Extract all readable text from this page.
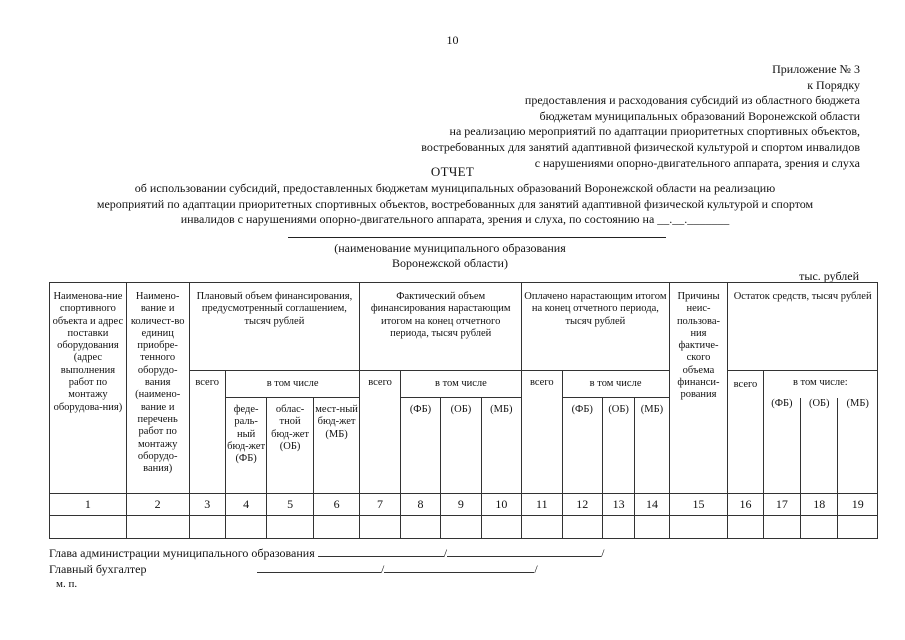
10
Приложение № 3
к Порядку
предоставления и расходования субсидий из областного бюджета
бюджетам муниципальных образований Воронежской области
на реализацию мероприятий по адаптации приоритетных спортивных объектов,
востребованных для занятий адаптивной физической культурой и спортом инвалидов
с нарушениями опорно-двигательного аппарата, зрения и слуха
ОТЧЕТ
об использовании субсидий, предоставленных бюджетам муниципальных образований Воронежской области на реализацию
мероприятий по адаптации приоритетных спортивных объектов, востребованных для занятий адаптивной физической культурой и спортом
инвалидов с нарушениями опорно-двигательного аппарата, зрения и слуха, по состоянию на __.__._______
(наименование муниципального образования
Воронежской области)
тыс. рублей
Наименова-ние спортивного объекта и адрес поставки оборудования (адрес выполнения работ по монтажу оборудова-ния)	Наимено-вание и количест-во единиц приобре-тенного оборудо-вания (наимено-вание и перечень работ по монтажу оборудо-вания)	Плановый объем финансирования, предусмотренный соглашением, тысяч рублей				Фактический объем финансирования нарастающим итогом на конец отчетного периода, тысяч рублей				Оплачено нарастающим итогом на конец отчетного периода, тысяч рублей				Причины неис-пользова-ния фактиче-ского объема финанси-рования	Остаток средств, тысяч рублей			
		всего	в том числе			всего	в том числе			всего	в том числе				всего	в том числе:		
			феде-раль-ный бюд-жет (ФБ)	облас-тной бюд-жет (ОБ)	мест-ный бюд-жет (МБ)		(ФБ)	(ОБ)	(МБ)		(ФБ)	(ОБ)	(МБ)			(ФБ)	(ОБ)	(МБ)
1	2	3	4	5	6	7	8	9	10	11	12	13	14	15	16	17	18	19

Глава администрации муниципального образования	/	/
Главный бухгалтер	/	/
м. п.
